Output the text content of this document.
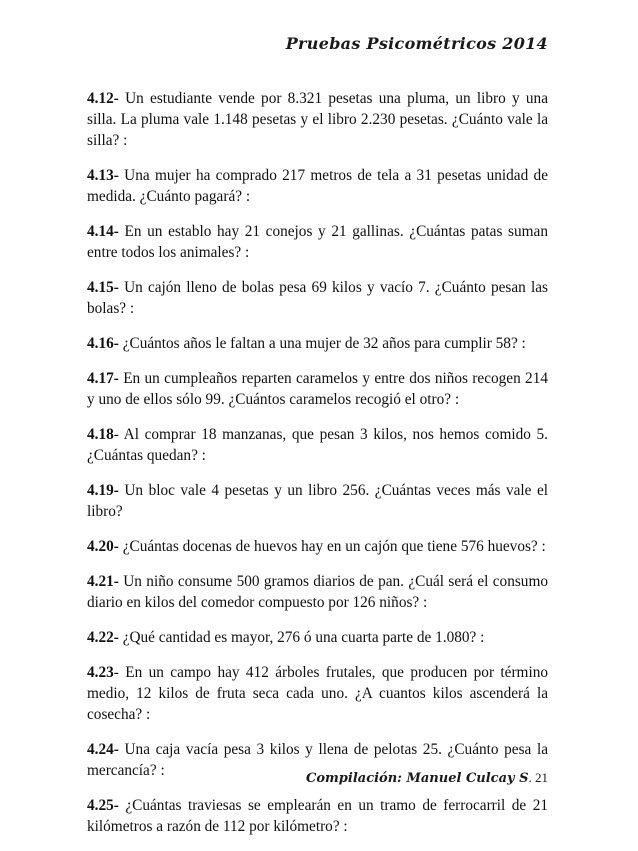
Pruebas Psicométricos 2014

4.12- Un estudiante vende por 8.321 pesetas una pluma, un libro y una silla. La pluma vale 1.148 pesetas y el libro 2.230 pesetas. ¿Cuánto vale la silla? :

4.13- Una mujer ha comprado 217 metros de tela a 31 pesetas unidad de medida. ¿Cuánto pagará? :

4.14- En un establo hay 21 conejos y 21 gallinas. ¿Cuántas patas suman entre todos los animales? :

4.15- Un cajón lleno de bolas pesa 69 kilos y vacío 7. ¿Cuánto pesan las bolas? :

4.16- ¿Cuántos años le faltan a una mujer de 32 años para cumplir 58? :

4.17- En un cumpleaños reparten caramelos y entre dos niños recogen 214 y uno de ellos sólo 99. ¿Cuántos caramelos recogió el otro? :

4.18- Al comprar 18 manzanas, que pesan 3 kilos, nos hemos comido 5. ¿Cuántas quedan? :

4.19- Un bloc vale 4 pesetas y un libro 256. ¿Cuántas veces más vale el libro?

4.20- ¿Cuántas docenas de huevos hay en un cajón que tiene 576 huevos? :

4.21- Un niño consume 500 gramos diarios de pan. ¿Cuál será el consumo diario en kilos del comedor compuesto por 126 niños? :

4.22- ¿Qué cantidad es mayor, 276 ó una cuarta parte de 1.080? :

4.23- En un campo hay 412 árboles frutales, que producen por término medio, 12 kilos de fruta seca cada uno. ¿A cuantos kilos ascenderá la cosecha? :

4.24- Una caja vacía pesa 3 kilos y llena de pelotas 25. ¿Cuánto pesa la mercancía? :

4.25- ¿Cuántas traviesas se emplearán en un tramo de ferrocarril de 21 kilómetros a razón de 112 por kilómetro? :

Compilación: Manuel Culcay S. 21
